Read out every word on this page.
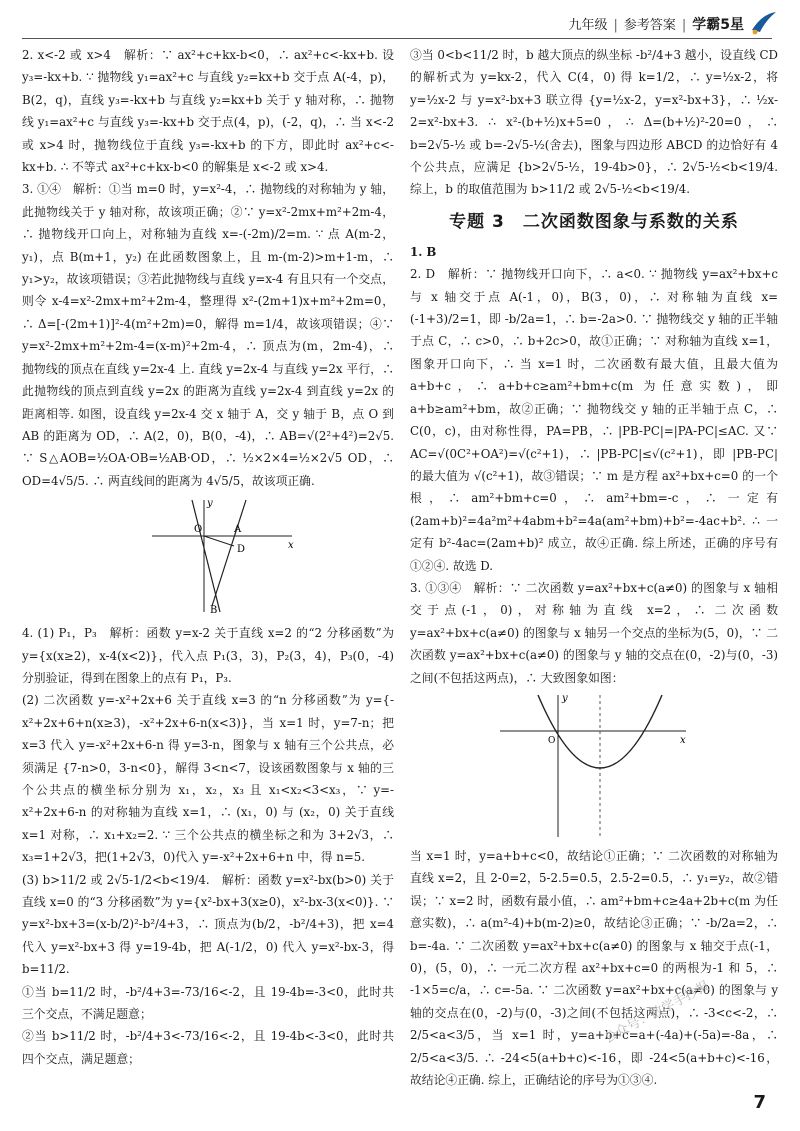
九年级 | 参考答案 | 学霸5星

2. x<-2 或 x>4　解析：∵ ax²+c+kx-b<0，∴ ax²+c<-kx+b. 设 y₃=-kx+b. ∵ 抛物线 y₁=ax²+c 与直线 y₂=kx+b 交于点 A(-4，p)，B(2，q)，直线 y₃=-kx+b 与直线 y₂=kx+b 关于 y 轴对称，∴ 抛物线 y₁=ax²+c 与直线 y₃=-kx+b 交于点(4，p)，(-2，q)，∴ 当 x<-2 或 x>4 时，抛物线位于直线 y₃=-kx+b 的下方，即此时 ax²+c<-kx+b. ∴ 不等式 ax²+c+kx-b<0 的解集是 x<-2 或 x>4.

3. ①④　解析：①当 m=0 时，y=x²-4，∴ 抛物线的对称轴为 y 轴，此抛物线关于 y 轴对称，故该项正确；②∵ y=x²-2mx+m²+2m-4，∴ 抛物线开口向上，对称轴为直线 x=-(-2m)/2=m. ∵ 点 A(m-2，y₁)，点 B(m+1，y₂) 在此函数图象上，且 m-(m-2)>m+1-m，∴ y₁>y₂，故该项错误；③若此抛物线与直线 y=x-4 有且只有一个交点，则令 x-4=x²-2mx+m²+2m-4，整理得 x²-(2m+1)x+m²+2m=0，∴ Δ=[-(2m+1)]²-4(m²+2m)=0，解得 m=1/4，故该项错误；④∵ y=x²-2mx+m²+2m-4=(x-m)²+2m-4，∴ 顶点为(m，2m-4)，∴ 抛物线的顶点在直线 y=2x-4 上. 直线 y=2x-4 与直线 y=2x 平行，∴ 此抛物线的顶点到直线 y=2x 的距离为直线 y=2x-4 到直线 y=2x 的距离相等. 如图，设直线 y=2x-4 交 x 轴于 A，交 y 轴于 B，点 O 到 AB 的距离为 OD，∴ A(2，0)，B(0，-4)，∴ AB=√(2²+4²)=2√5. ∵ S△AOB=½OA·OB=½AB·OD，∴ ½×2×4=½×2√5 OD，∴ OD=4√5/5. ∴ 两直线间的距离为 4√5/5，故该项正确.

O	A
D
B
x
y

4. (1) P₁，P₃　解析：函数 y=x-2 关于直线 x=2 的“2 分移函数”为 y={x(x≥2)，x-4(x<2)}，代入点 P₁(3，3)，P₂(3，4)，P₃(0，-4) 分别验证，得到在图象上的点有 P₁，P₃.

(2) 二次函数 y=-x²+2x+6 关于直线 x=3 的“n 分移函数”为 y={-x²+2x+6+n(x≥3)，-x²+2x+6-n(x<3)}，当 x=1 时，y=7-n；把 x=3 代入 y=-x²+2x+6-n 得 y=3-n，图象与 x 轴有三个公共点，必须满足 {7-n>0，3-n<0}，解得 3<n<7，设该函数图象与 x 轴的三个公共点的横坐标分别为 x₁，x₂，x₃ 且 x₁<x₂<3<x₃，∵ y=-x²+2x+6-n 的对称轴为直线 x=1，∴ (x₁，0) 与 (x₂，0) 关于直线 x=1 对称，∴ x₁+x₂=2. ∵ 三个公共点的横坐标之和为 3+2√3，∴ x₃=1+2√3，把(1+2√3，0)代入 y=-x²+2x+6+n 中，得 n=5.

(3) b>11/2 或 2√5-1/2<b<19/4.　解析：函数 y=x²-bx(b>0) 关于直线 x=0 的“3 分移函数”为 y={x²-bx+3(x≥0)，x²-bx-3(x<0)}. ∵ y=x²-bx+3=(x-b/2)²-b²/4+3，∴ 顶点为(b/2，-b²/4+3)，把 x=4 代入 y=x²-bx+3 得 y=19-4b，把 A(-1/2，0) 代入 y=x²-bx-3，得 b=11/2.

①当 b=11/2 时，-b²/4+3=-73/16<-2，且 19-4b=-3<0，此时共三个交点，不满足题意；

②当 b>11/2 时，-b²/4+3<-73/16<-2，且 19-4b<-3<0，此时共四个交点，满足题意；

③当 0<b<11/2 时，b 越大顶点的纵坐标 -b²/4+3 越小，设直线 CD 的解析式为 y=kx-2，代入 C(4，0) 得 k=1/2，∴ y=½x-2，将 y=½x-2 与 y=x²-bx+3 联立得 {y=½x-2，y=x²-bx+3}，∴ ½x-2=x²-bx+3. ∴ x²-(b+½)x+5=0，∴ Δ=(b+½)²-20=0，∴ b=2√5-½ 或 b=-2√5-½(舍去)，图象与四边形 ABCD 的边恰好有 4 个公共点，应满足 {b>2√5-½，19-4b>0}，∴ 2√5-½<b<19/4. 综上，b 的取值范围为 b>11/2 或 2√5-½<b<19/4.

专题 3　二次函数图象与系数的关系

1. B

2. D　解析：∵ 抛物线开口向下，∴ a<0. ∵ 抛物线 y=ax²+bx+c 与 x 轴交于点 A(-1，0)，B(3，0)，∴ 对称轴为直线 x=(-1+3)/2=1，即 -b/2a=1，∴ b=-2a>0. ∵ 抛物线交 y 轴的正半轴于点 C，∴ c>0，∴ b+2c>0，故①正确；∵ 对称轴为直线 x=1，图象开口向下，∴ 当 x=1 时，二次函数有最大值，且最大值为 a+b+c，∴ a+b+c≥am²+bm+c(m 为任意实数)，即 a+b≥am²+bm，故②正确；∵ 抛物线交 y 轴的正半轴于点 C，∴ C(0，c)，由对称性得，PA=PB，∴ |PB-PC|=|PA-PC|≤AC. 又∵ AC=√(0C²+OA²)=√(c²+1)，∴ |PB-PC|≤√(c²+1)，即 |PB-PC| 的最大值为 √(c²+1)，故③错误；∵ m 是方程 ax²+bx+c=0 的一个根，∴ am²+bm+c=0，∴ am²+bm=-c，∴ 一定有(2am+b)²=4a²m²+4abm+b²=4a(am²+bm)+b²=-4ac+b². ∴ 一定有 b²-4ac=(2am+b)² 成立，故④正确. 综上所述，正确的序号有①②④. 故选 D.

3. ①③④　解析：∵ 二次函数 y=ax²+bx+c(a≠0) 的图象与 x 轴相交于点(-1，0)，对称轴为直线 x=2，∴ 二次函数 y=ax²+bx+c(a≠0) 的图象与 x 轴另一个交点的坐标为(5，0)，∵ 二次函数 y=ax²+bx+c(a≠0) 的图象与 y 轴的交点在(0，-2)与(0，-3)之间(不包括这两点)，∴ 大致图象如图：

x
y
O

当 x=1 时，y=a+b+c<0，故结论①正确；∵ 二次函数的对称轴为直线 x=2，且 2-0=2，5-2.5=0.5，2.5-2=0.5，∴ y₁=y₂，故②错误；∵ x=2 时，函数有最小值，∴ am²+bm+c≥4a+2b+c(m 为任意实数)，∴ a(m²-4)+b(m-2)≥0，故结论③正确；∵ -b/2a=2，∴ b=-4a. ∵ 二次函数 y=ax²+bx+c(a≠0) 的图象与 x 轴交于点(-1，0)，(5，0)，∴ 一元二次方程 ax²+bx+c=0 的两根为-1 和 5，∴ -1×5=c/a，∴ c=-5a. ∵ 二次函数 y=ax²+bx+c(a≠0) 的图象与 y 轴的交点在(0，-2)与(0，-3)之间(不包括这两点)，∴ -3<c<-2，∴ 2/5<a<3/5，当 x=1 时，y=a+b+c=a+(-4a)+(-5a)=-8a，∴ 2/5<a<3/5. ∴ -24<5(a+b+c)<-16，即 -24<5(a+b+c)<-16，故结论④正确. 综上，正确结论的序号为①③④.

公众号：数学手抄报
7
